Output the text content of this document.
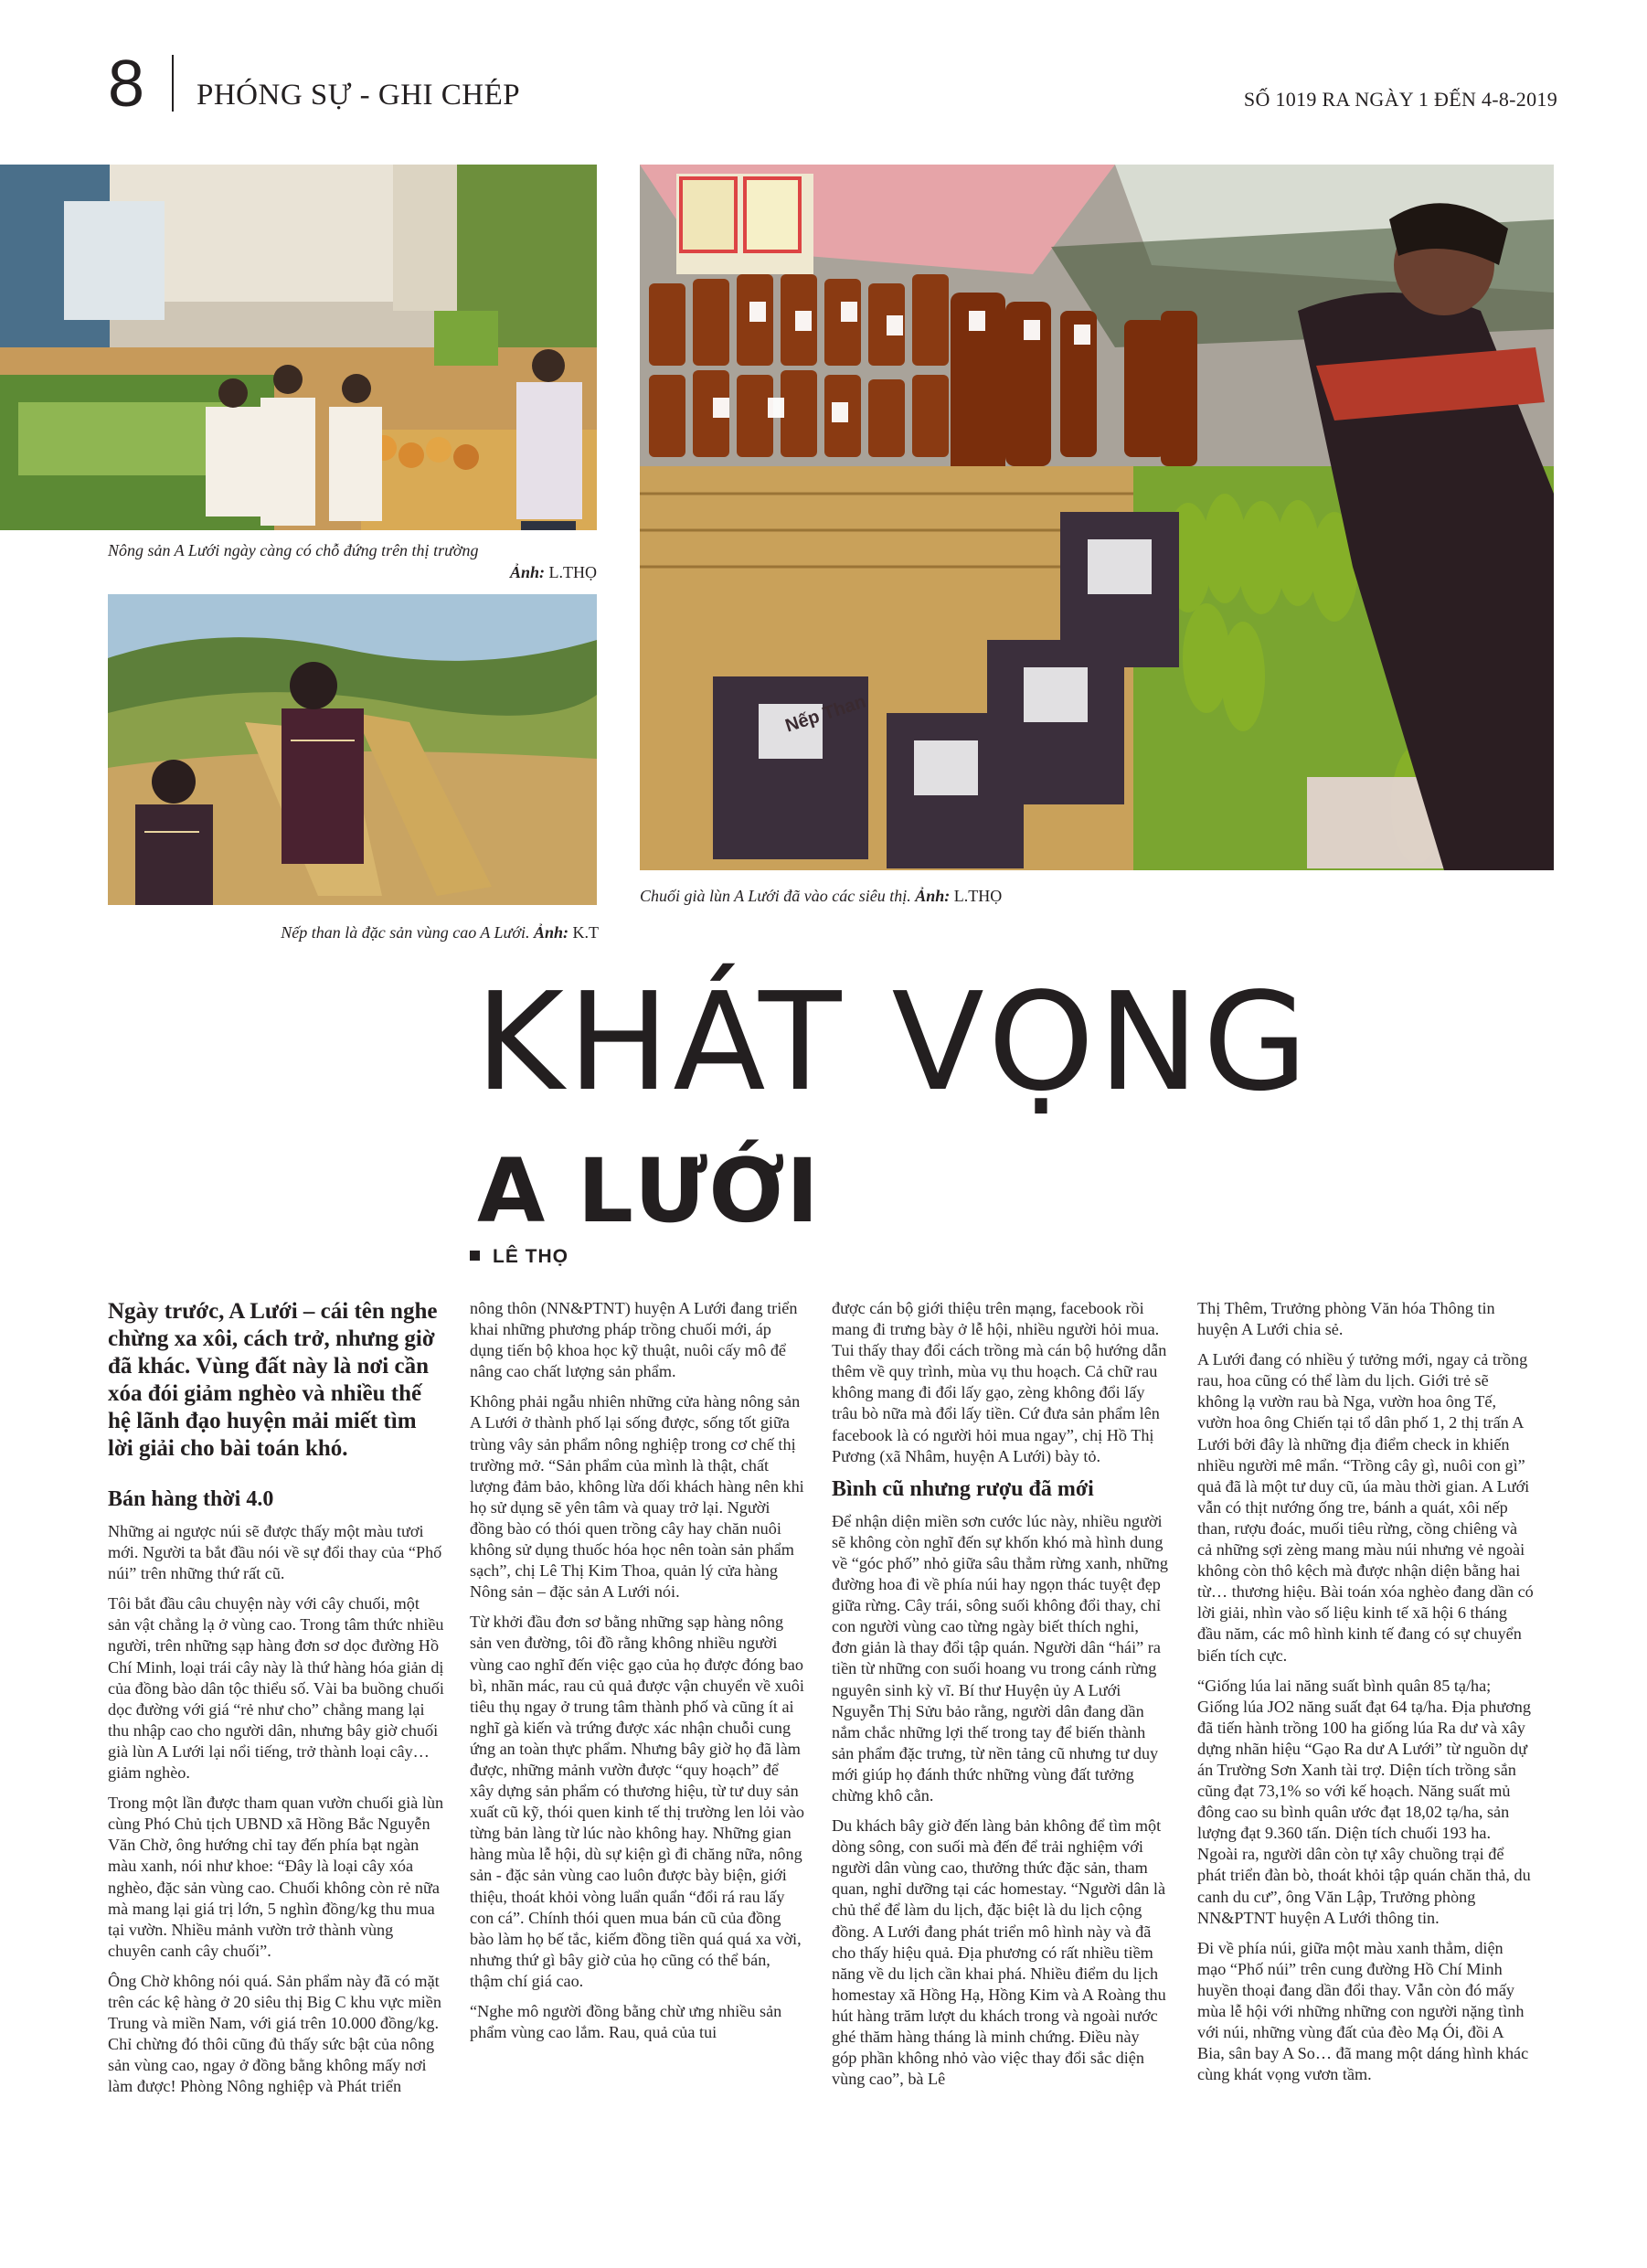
8 PHÓNG SỰ - GHI CHÉP	SỐ 1019 RA NGÀY 1 ĐẾN 4-8-2019
Nông sản A Lưới ngày càng có chỗ đứng trên thị trường
Ảnh: L.THỌ
Nếp than là đặc sản vùng cao A Lưới. Ảnh: K.T
Nếp Than
Chuối già lùn A Lưới đã vào các siêu thị. Ảnh: L.THỌ
KHÁT VỌNG
A LƯỚI
LÊ THỌ

Ngày trước, A Lưới – cái tên nghe chừng xa xôi, cách trở, nhưng giờ đã khác. Vùng đất này là nơi cần xóa đói giảm nghèo và nhiều thế hệ lãnh đạo huyện mải miết tìm lời giải cho bài toán khó.

Bán hàng thời 4.0

Những ai ngược núi sẽ được thấy một màu tươi mới. Người ta bắt đầu nói về sự đổi thay của “Phố núi” trên những thứ rất cũ.

Tôi bắt đầu câu chuyện này với cây chuối, một sản vật chẳng lạ ở vùng cao. Trong tâm thức nhiều người, trên những sạp hàng đơn sơ dọc đường Hồ Chí Minh, loại trái cây này là thứ hàng hóa giản dị của đồng bào dân tộc thiểu số. Vài ba buồng chuối dọc đường với giá “rẻ như cho” chẳng mang lại thu nhập cao cho người dân, nhưng bây giờ chuối già lùn A Lưới lại nổi tiếng, trở thành loại cây… giảm nghèo.

Trong một lần được tham quan vườn chuối già lùn cùng Phó Chủ tịch UBND xã Hồng Bắc Nguyễn Văn Chờ, ông hướng chỉ tay đến phía bạt ngàn màu xanh, nói như khoe: “Đây là loại cây xóa nghèo, đặc sản vùng cao. Chuối không còn rẻ nữa mà mang lại giá trị lớn, 5 nghìn đồng/kg thu mua tại vườn. Nhiều mảnh vườn trở thành vùng chuyên canh cây chuối”.

Ông Chờ không nói quá. Sản phẩm này đã có mặt trên các kệ hàng ở 20 siêu thị Big C khu vực miền Trung và miền Nam, với giá trên 10.000 đồng/kg. Chỉ chừng đó thôi cũng đủ thấy sức bật của nông sản vùng cao, ngay ở đồng bằng không mấy nơi làm được! Phòng Nông nghiệp và Phát triển

nông thôn (NN&PTNT) huyện A Lưới đang triển khai những phương pháp trồng chuối mới, áp dụng tiến bộ khoa học kỹ thuật, nuôi cấy mô để nâng cao chất lượng sản phẩm.

Không phải ngẫu nhiên những cửa hàng nông sản A Lưới ở thành phố lại sống được, sống tốt giữa trùng vây sản phẩm nông nghiệp trong cơ chế thị trường mở. “Sản phẩm của mình là thật, chất lượng đảm bảo, không lừa dối khách hàng nên khi họ sử dụng sẽ yên tâm và quay trở lại. Người đồng bào có thói quen trồng cây hay chăn nuôi không sử dụng thuốc hóa học nên toàn sản phẩm sạch”, chị Lê Thị Kim Thoa, quản lý cửa hàng Nông sản – đặc sản A Lưới nói.

Từ khởi đầu đơn sơ bằng những sạp hàng nông sản ven đường, tôi đồ rằng không nhiều người vùng cao nghĩ đến việc gạo của họ được đóng bao bì, nhãn mác, rau củ quả được vận chuyển về xuôi tiêu thụ ngay ở trung tâm thành phố và cũng ít ai nghĩ gà kiến và trứng được xác nhận chuỗi cung ứng an toàn thực phẩm. Nhưng bây giờ họ đã làm được, những mảnh vườn được “quy hoạch” để xây dựng sản phẩm có thương hiệu, từ tư duy sản xuất cũ kỹ, thói quen kinh tế thị trường len lỏi vào từng bản làng từ lúc nào không hay. Những gian hàng mùa lễ hội, dù sự kiện gì đi chăng nữa, nông sản - đặc sản vùng cao luôn được bày biện, giới thiệu, thoát khỏi vòng luẩn quẩn “đổi rá rau lấy con cá”. Chính thói quen mua bán cũ của đồng bào làm họ bế tắc, kiếm đồng tiền quá quá xa vời, nhưng thứ gì bây giờ của họ cũng có thể bán, thậm chí giá cao.

“Nghe mô người đồng bằng chừ ưng nhiều sản phẩm vùng cao lắm. Rau, quả của tui

được cán bộ giới thiệu trên mạng, facebook rồi mang đi trưng bày ở lễ hội, nhiều người hỏi mua. Tui thấy thay đổi cách trồng mà cán bộ hướng dẫn thêm về quy trình, mùa vụ thu hoạch. Cả chữ rau không mang đi đổi lấy gạo, zèng không đổi lấy trâu bò nữa mà đổi lấy tiền. Cứ đưa sản phẩm lên facebook là có người hỏi mua ngay”, chị Hồ Thị Pương (xã Nhâm, huyện A Lưới) bày tỏ.

Bình cũ nhưng rượu đã mới

Để nhận diện miền sơn cước lúc này, nhiều người sẽ không còn nghĩ đến sự khốn khó mà hình dung về “góc phố” nhỏ giữa sâu thẳm rừng xanh, những đường hoa đi về phía núi hay ngọn thác tuyệt đẹp giữa rừng. Cây trái, sông suối không đổi thay, chỉ con người vùng cao từng ngày biết thích nghi, đơn giản là thay đổi tập quán. Người dân “hái” ra tiền từ những con suối hoang vu trong cánh rừng nguyên sinh kỳ vĩ. Bí thư Huyện ủy A Lưới Nguyễn Thị Sửu bảo rằng, người dân đang dần nắm chắc những lợi thế trong tay để biến thành sản phẩm đặc trưng, từ nền tảng cũ nhưng tư duy mới giúp họ đánh thức những vùng đất tưởng chừng khô cằn.

Du khách bây giờ đến làng bản không để tìm một dòng sông, con suối mà đến để trải nghiệm với người dân vùng cao, thưởng thức đặc sản, tham quan, nghỉ dưỡng tại các homestay. “Người dân là chủ thể để làm du lịch, đặc biệt là du lịch cộng đồng. A Lưới đang phát triển mô hình này và đã cho thấy hiệu quả. Địa phương có rất nhiều tiềm năng về du lịch cần khai phá. Nhiều điểm du lịch homestay xã Hồng Hạ, Hồng Kim và A Roàng thu hút hàng trăm lượt du khách trong và ngoài nước ghé thăm hàng tháng là minh chứng. Điều này góp phần không nhỏ vào việc thay đổi sắc diện vùng cao”, bà Lê

Thị Thêm, Trưởng phòng Văn hóa Thông tin huyện A Lưới chia sẻ.

A Lưới đang có nhiều ý tưởng mới, ngay cả trồng rau, hoa cũng có thể làm du lịch. Giới trẻ sẽ không lạ vườn rau bà Nga, vườn hoa ông Tế, vườn hoa ông Chiến tại tổ dân phố 1, 2 thị trấn A Lưới bởi đây là những địa điểm check in khiến nhiều người mê mẩn. “Trồng cây gì, nuôi con gì” quả đã là một tư duy cũ, úa màu thời gian. A Lưới vẫn có thịt nướng ống tre, bánh a quát, xôi nếp than, rượu đoác, muối tiêu rừng, cồng chiêng và cả những sợi zèng mang màu núi nhưng vẻ ngoài không còn thô kệch mà được nhận diện bằng hai từ… thương hiệu. Bài toán xóa nghèo đang dần có lời giải, nhìn vào số liệu kinh tế xã hội 6 tháng đầu năm, các mô hình kinh tế đang có sự chuyển biến tích cực.

“Giống lúa lai năng suất bình quân 85 tạ/ha; Giống lúa JO2 năng suất đạt 64 tạ/ha. Địa phương đã tiến hành trồng 100 ha giống lúa Ra dư và xây dựng nhãn hiệu “Gạo Ra dư A Lưới” từ nguồn dự án Trường Sơn Xanh tài trợ. Diện tích trồng sắn cũng đạt 73,1% so với kế hoạch. Năng suất mủ đông cao su bình quân ước đạt 18,02 tạ/ha, sản lượng đạt 9.360 tấn. Diện tích chuối 193 ha. Ngoài ra, người dân còn tự xây chuồng trại để phát triển đàn bò, thoát khỏi tập quán chăn thả, du canh du cư”, ông Văn Lập, Trưởng phòng NN&PTNT huyện A Lưới thông tin.

Đi về phía núi, giữa một màu xanh thẳm, diện mạo “Phố núi” trên cung đường Hồ Chí Minh huyền thoại đang dần đổi thay. Vẫn còn đó mấy mùa lễ hội với những những con người nặng tình với núi, những vùng đất của đèo Mạ Ói, đồi A Bia, sân bay A So… đã mang một dáng hình khác cùng khát vọng vươn tầm.
